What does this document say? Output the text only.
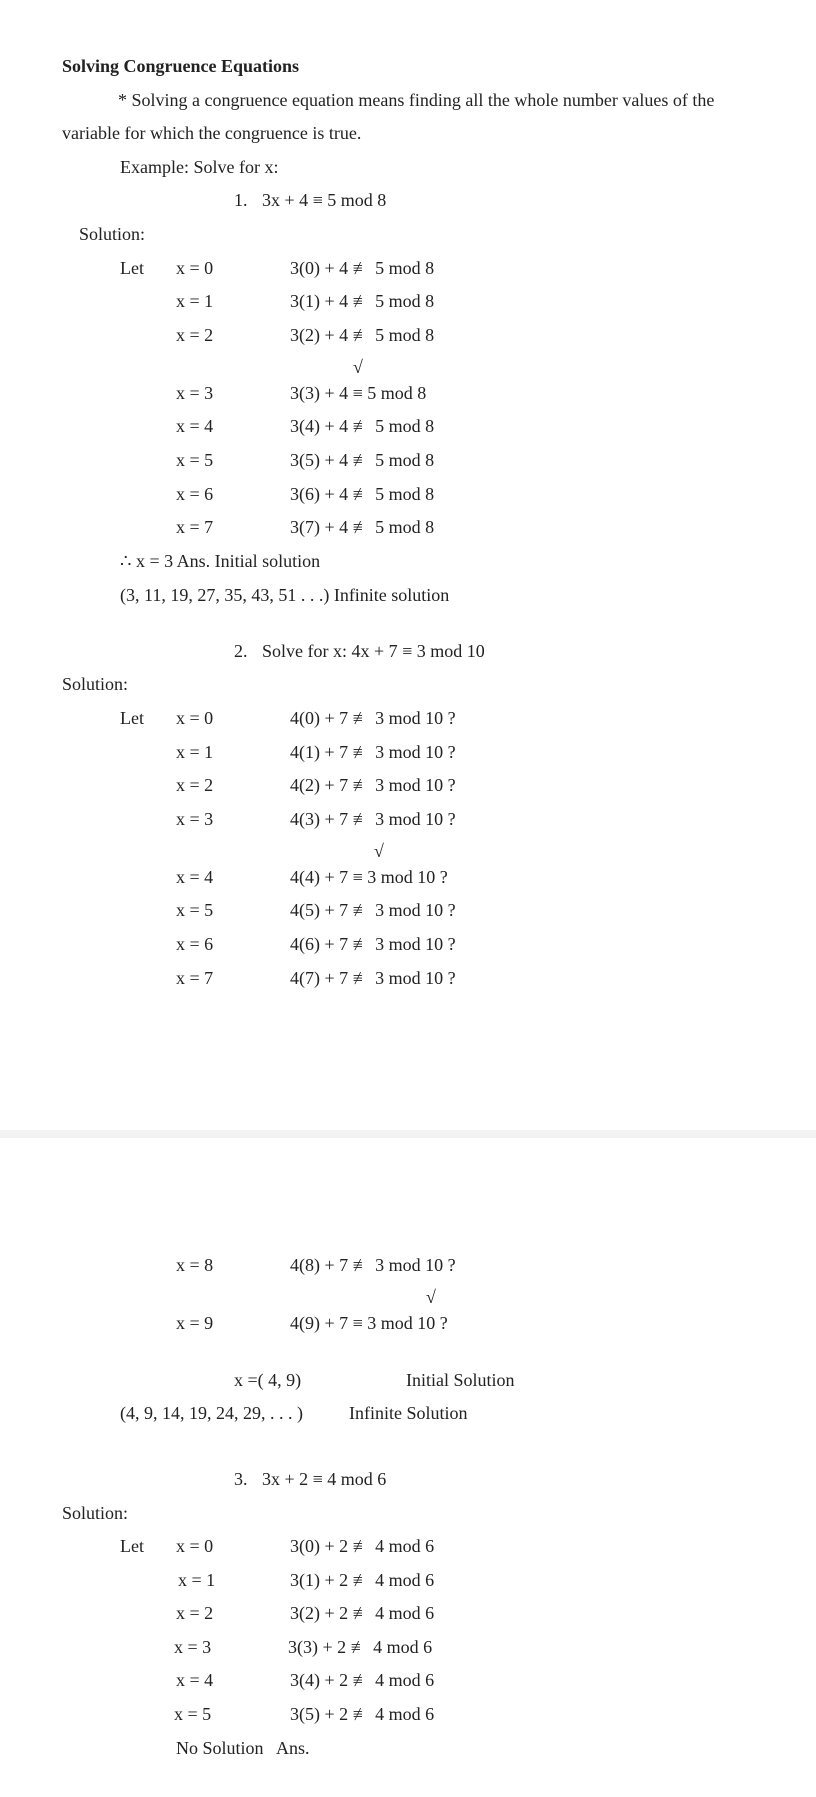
Solving Congruence Equations
* Solving a congruence equation means finding all the whole number values of the
variable for which the congruence is true.
Example: Solve for x:
1. 3x + 4 ≡ 5 mod 8
Solution:
Let x = 0	3(0) + 4 ≢ 5 mod 8
x = 1	3(1) + 4 ≢ 5 mod 8
x = 2	3(2) + 4 ≢ 5 mod 8
√
x = 3	3(3) + 4 ≡ 5 mod 8
x = 4	3(4) + 4 ≢ 5 mod 8
x = 5	3(5) + 4 ≢ 5 mod 8
x = 6	3(6) + 4 ≢ 5 mod 8
x = 7	3(7) + 4 ≢ 5 mod 8
∴ x = 3 Ans. Initial solution
(3, 11, 19, 27, 35, 43, 51 . . .) Infinite solution
2. Solve for x: 4x + 7 ≡ 3 mod 10
Solution:
Let x = 0	4(0) + 7 ≢ 3 mod 10 ?
x = 1	4(1) + 7 ≢ 3 mod 10 ?
x = 2	4(2) + 7 ≢ 3 mod 10 ?
x = 3	4(3) + 7 ≢ 3 mod 10 ?
√
x = 4	4(4) + 7 ≡ 3 mod 10 ?
x = 5	4(5) + 7 ≢ 3 mod 10 ?
x = 6	4(6) + 7 ≢ 3 mod 10 ?
x = 7	4(7) + 7 ≢ 3 mod 10 ?
x = 8	4(8) + 7 ≢ 3 mod 10 ?
√
x = 9	4(9) + 7 ≡ 3 mod 10 ?
x =( 4, 9)	Initial Solution
(4, 9, 14, 19, 24, 29, . . . )	Infinite Solution
3. 3x + 2 ≡ 4 mod 6
Solution:
Let x = 0	3(0) + 2 ≢ 4 mod 6
x = 1	3(1) + 2 ≢ 4 mod 6
x = 2	3(2) + 2 ≢ 4 mod 6
x = 3	3(3) + 2 ≢ 4 mod 6
x = 4	3(4) + 2 ≢ 4 mod 6
x = 5	3(5) + 2 ≢ 4 mod 6
No Solution Ans.
